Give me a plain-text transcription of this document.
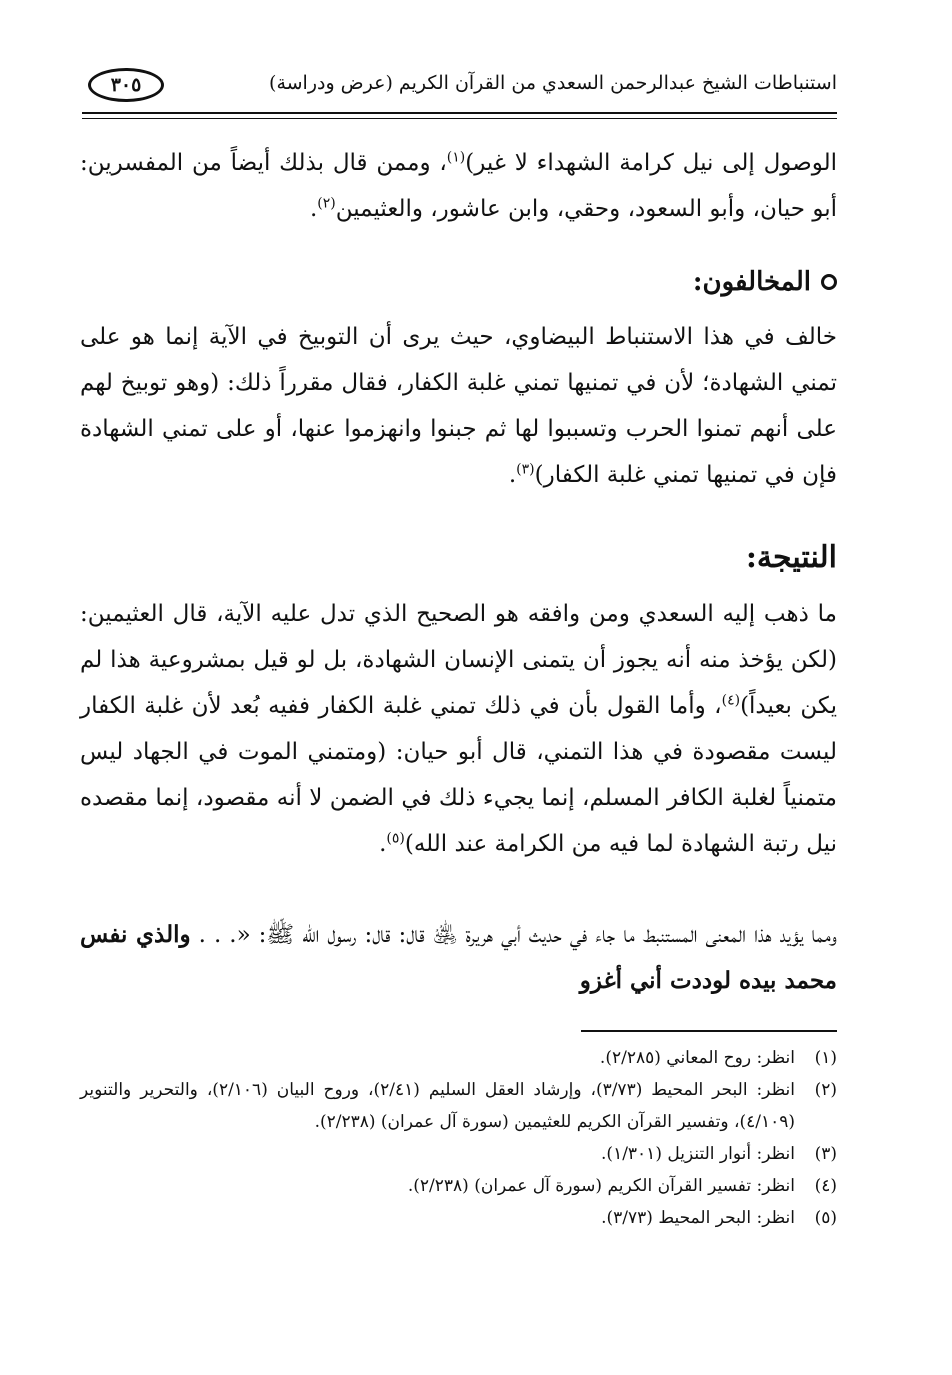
استنباطات الشيخ عبدالرحمن السعدي من القرآن الكريم (عرض ودراسة)
٣٠٥

الوصول إلى نيل كرامة الشهداء لا غير)$^{(١)}$، وممن قال بذلك أيضاً من المفسرين: أبو حيان، وأبو السعود، وحقي، وابن عاشور، والعثيمين$^{(٢)}$.

المخالفون:

خالف في هذا الاستنباط البيضاوي، حيث يرى أن التوبيخ في الآية إنما هو على تمني الشهادة؛ لأن في تمنيها تمني غلبة الكفار، فقال مقرراً ذلك: (وهو توبيخ لهم على أنهم تمنوا الحرب وتسببوا لها ثم جبنوا وانهزموا عنها، أو على تمني الشهادة فإن في تمنيها تمني غلبة الكفار)$^{(٣)}$.

النتيجة:

ما ذهب إليه السعدي ومن وافقه هو الصحيح الذي تدل عليه الآية، قال العثيمين: (لكن يؤخذ منه أنه يجوز أن يتمنى الإنسان الشهادة، بل لو قيل بمشروعية هذا لم يكن بعيداً)$^{(٤)}$، وأما القول بأن في ذلك تمني غلبة الكفار ففيه بُعد لأن غلبة الكفار ليست مقصودة في هذا التمني، قال أبو حيان: (ومتمني الموت في الجهاد ليس متمنياً لغلبة الكافر المسلم، إنما يجيء ذلك في الضمن لا أنه مقصود، إنما مقصده نيل رتبة الشهادة لما فيه من الكرامة عند الله)$^{(٥)}$.

ومما يؤيد هذا المعنى المستنبط ما جاء في حديث أبي هريرة ﵁ قال: قال: رسول الله ﷺ: «. . . والذي نفس محمد بيده لوددت أني أغزو

(١)
انظر: روح المعاني (٢/٢٨٥).
(٢)
انظر: البحر المحيط (٣/٧٣)، وإرشاد العقل السليم (٢/٤١)، وروح البيان (٢/١٠٦)، والتحرير والتنوير (٤/١٠٩)، وتفسير القرآن الكريم للعثيمين (سورة آل عمران) (٢/٢٣٨).
(٣)
انظر: أنوار التنزيل (١/٣٠١).
(٤)
انظر: تفسير القرآن الكريم (سورة آل عمران) (٢/٢٣٨).
(٥)
انظر: البحر المحيط (٣/٧٣).
